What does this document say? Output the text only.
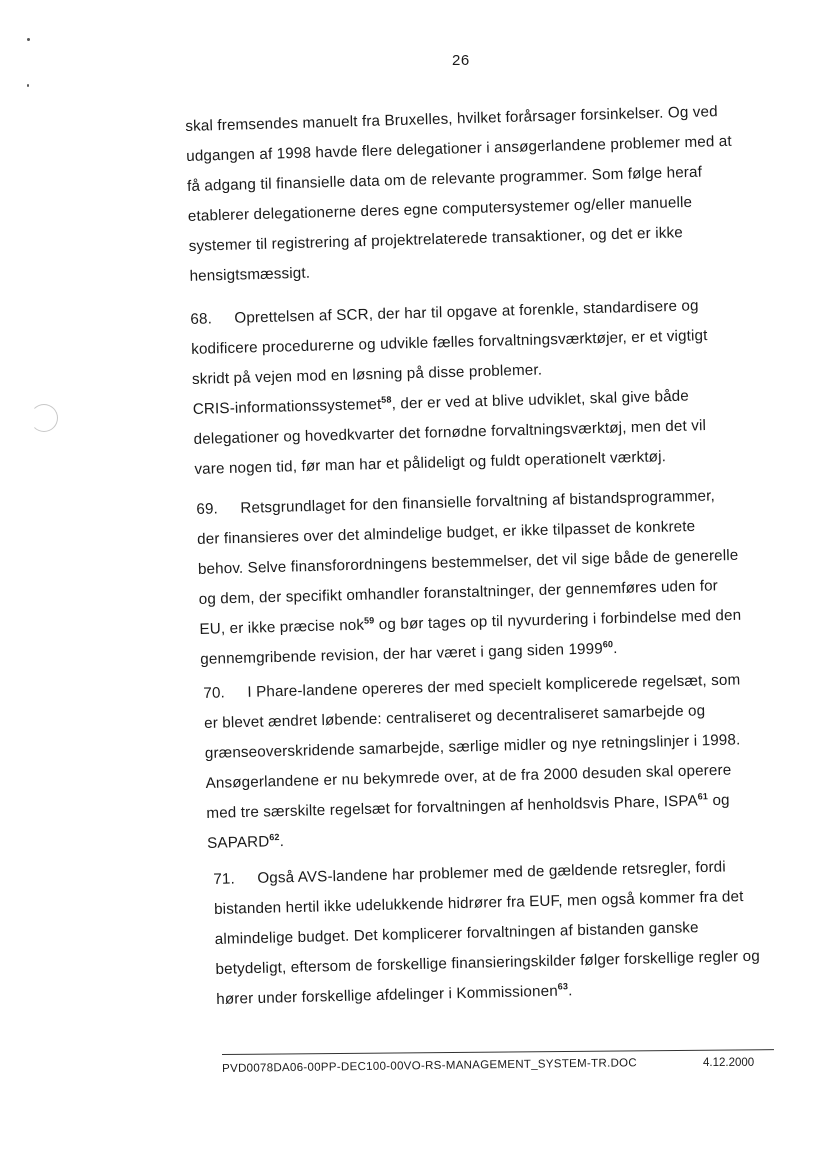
26

skal fremsendes manuelt fra Bruxelles, hvilket forårsager forsinkelser. Og ved

udgangen af 1998 havde flere delegationer i ansøgerlandene problemer med at

få adgang til finansielle data om de relevante programmer. Som følge heraf

etablerer delegationerne deres egne computersystemer og/eller manuelle

systemer til registrering af projektrelaterede transaktioner, og det er ikke

hensigtsmæssigt.

68. Oprettelsen af SCR, der har til opgave at forenkle, standardisere og

kodificere procedurerne og udvikle fælles forvaltningsværktøjer, er et vigtigt

skridt på vejen mod en løsning på disse problemer.

CRIS-informationssystemet$^{58}$, der er ved at blive udviklet, skal give både

delegationer og hovedkvarter det fornødne forvaltningsværktøj, men det vil

vare nogen tid, før man har et pålideligt og fuldt operationelt værktøj.

69. Retsgrundlaget for den finansielle forvaltning af bistandsprogrammer,

der finansieres over det almindelige budget, er ikke tilpasset de konkrete

behov. Selve finansforordningens bestemmelser, det vil sige både de generelle

og dem, der specifikt omhandler foranstaltninger, der gennemføres uden for

EU, er ikke præcise nok$^{59}$ og bør tages op til nyvurdering i forbindelse med den

gennemgribende revision, der har været i gang siden 1999$^{60}$.

70. I Phare-landene opereres der med specielt komplicerede regelsæt, som

er blevet ændret løbende: centraliseret og decentraliseret samarbejde og

grænseoverskridende samarbejde, særlige midler og nye retningslinjer i 1998.

Ansøgerlandene er nu bekymrede over, at de fra 2000 desuden skal operere

med tre særskilte regelsæt for forvaltningen af henholdsvis Phare, ISPA$^{61}$ og

SAPARD$^{62}$.

71. Også AVS-landene har problemer med de gældende retsregler, fordi

bistanden hertil ikke udelukkende hidrører fra EUF, men også kommer fra det

almindelige budget. Det komplicerer forvaltningen af bistanden ganske

betydeligt, eftersom de forskellige finansieringskilder følger forskellige regler og

hører under forskellige afdelinger i Kommissionen$^{63}$.

PVD0078DA06-00PP-DEC100-00VO-RS-MANAGEMENT_SYSTEM-TR.DOC	4.12.2000
